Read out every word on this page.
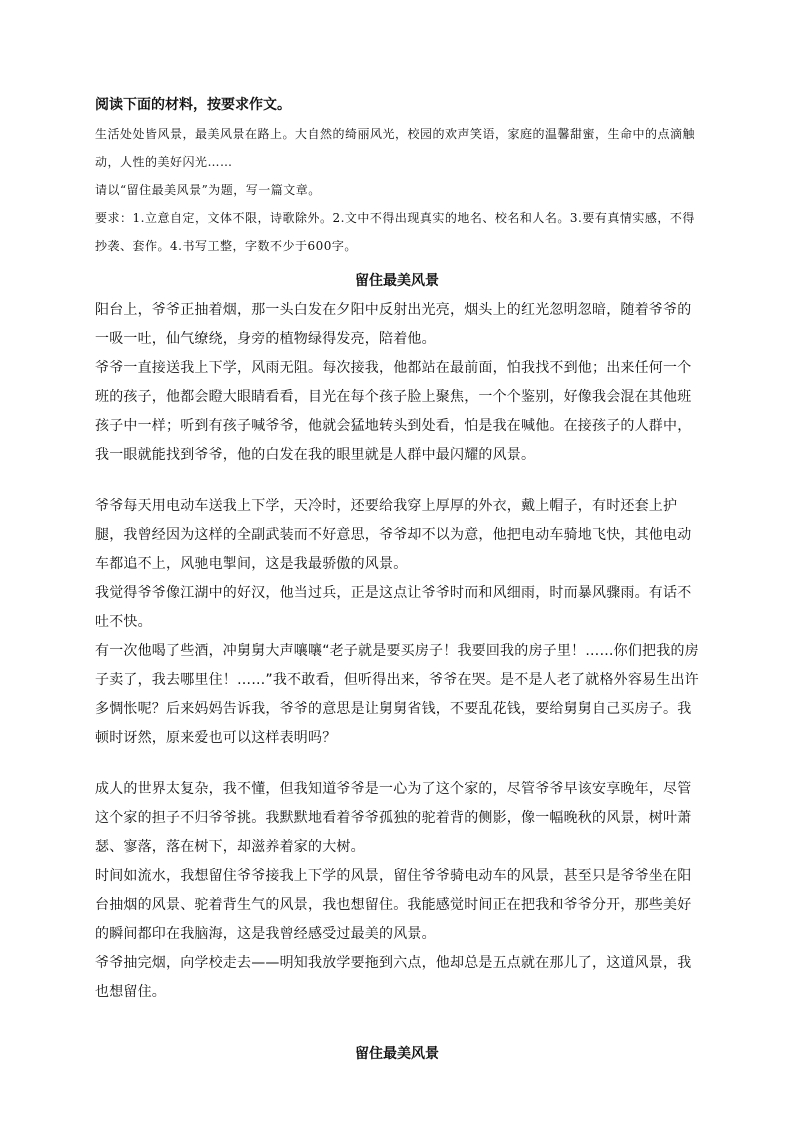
阅读下面的材料，按要求作文。

生活处处皆风景，最美风景在路上。大自然的绮丽风光，校园的欢声笑语，家庭的温馨甜蜜，生命中的点滴触动，人性的美好闪光……

请以“留住最美风景”为题，写一篇文章。

要求：1.立意自定，文体不限，诗歌除外。2.文中不得出现真实的地名、校名和人名。3.要有真情实感，不得抄袭、套作。4.书写工整，字数不少于600字。

留住最美风景

阳台上，爷爷正抽着烟，那一头白发在夕阳中反射出光亮，烟头上的红光忽明忽暗，随着爷爷的一吸一吐，仙气缭绕，身旁的植物绿得发亮，陪着他。

爷爷一直接送我上下学，风雨无阻。每次接我，他都站在最前面，怕我找不到他；出来任何一个班的孩子，他都会瞪大眼睛看看，目光在每个孩子脸上聚焦，一个个鉴别，好像我会混在其他班孩子中一样；听到有孩子喊爷爷，他就会猛地转头到处看，怕是我在喊他。在接孩子的人群中，我一眼就能找到爷爷，他的白发在我的眼里就是人群中最闪耀的风景。

爷爷每天用电动车送我上下学，天冷时，还要给我穿上厚厚的外衣，戴上帽子，有时还套上护腿，我曾经因为这样的全副武装而不好意思，爷爷却不以为意，他把电动车骑地飞快，其他电动车都追不上，风驰电掣间，这是我最骄傲的风景。

我觉得爷爷像江湖中的好汉，他当过兵，正是这点让爷爷时而和风细雨，时而暴风骤雨。有话不吐不快。

有一次他喝了些酒，冲舅舅大声嚷嚷“老子就是要买房子！我要回我的房子里！……你们把我的房子卖了，我去哪里住！……”我不敢看，但听得出来，爷爷在哭。是不是人老了就格外容易生出许多惆怅呢？后来妈妈告诉我，爷爷的意思是让舅舅省钱，不要乱花钱，要给舅舅自己买房子。我顿时讶然，原来爱也可以这样表明吗？

成人的世界太复杂，我不懂，但我知道爷爷是一心为了这个家的，尽管爷爷早该安享晚年，尽管这个家的担子不归爷爷挑。我默默地看着爷爷孤独的驼着背的侧影，像一幅晚秋的风景，树叶萧瑟、寥落，落在树下，却滋养着家的大树。

时间如流水，我想留住爷爷接我上下学的风景，留住爷爷骑电动车的风景，甚至只是爷爷坐在阳台抽烟的风景、驼着背生气的风景，我也想留住。我能感觉时间正在把我和爷爷分开，那些美好的瞬间都印在我脑海，这是我曾经感受过最美的风景。

爷爷抽完烟，向学校走去——明知我放学要拖到六点，他却总是五点就在那儿了，这道风景，我也想留住。

留住最美风景
